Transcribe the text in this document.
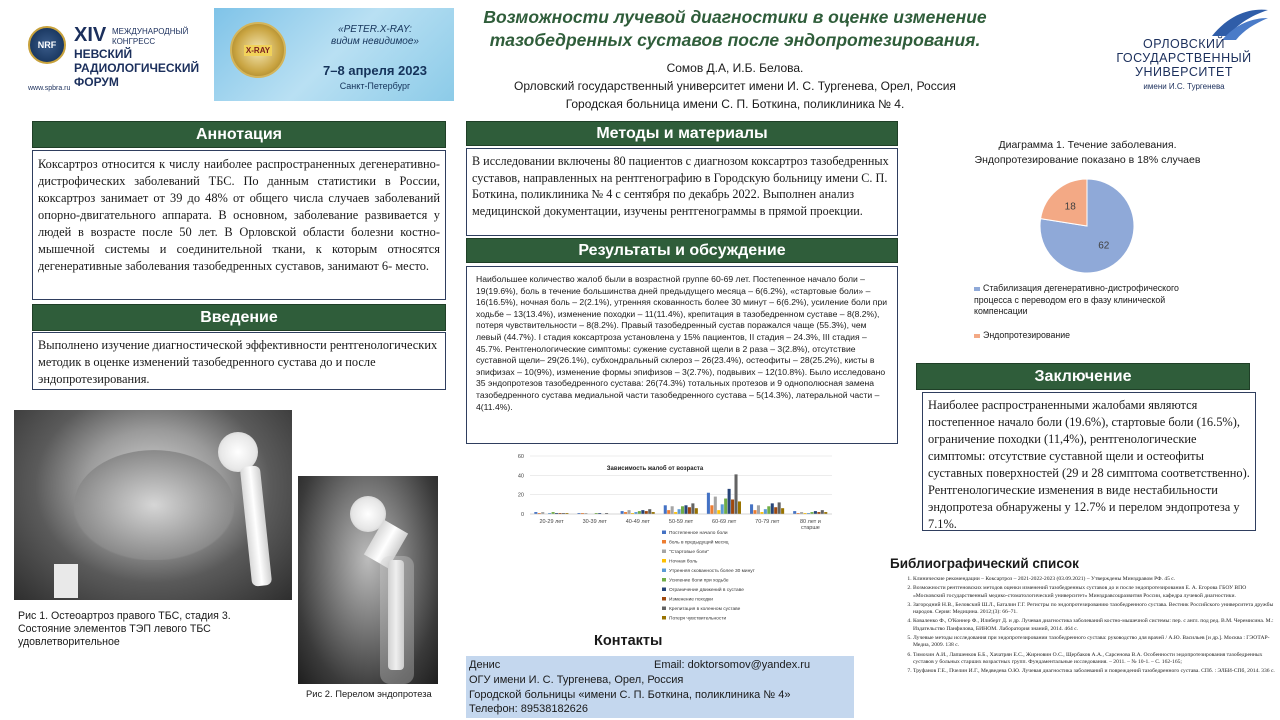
NRF XIV МЕЖДУНАРОДНЫЙ
КОНГРЕСС
НЕВСКИЙ
РАДИОЛОГИЧЕСКИЙ
ФОРУМ
www.spbra.ru
X-RAY
«PETER.X-RAY:
видим невидимое»
7–8 апреля 2023
Санкт-Петербург
Возможности лучевой диагностики в оценке изменение
тазобедренных суставов после эндопротезирования.
Сомов Д.А, И.Б. Белова.
Орловский государственный университет имени И. С. Тургенева, Орел, Россия
Городская больница имени С. П. Боткина, поликлиника № 4.
ОРЛОВСКИЙ
ГОСУДАРСТВЕННЫЙ
УНИВЕРСИТЕТ
имени И.С. Тургенева
Аннотация
Коксартроз относится к числу наиболее распространенных дегенеративно- дистрофических заболеваний ТБС. По данным статистики в России, коксартроз занимает от 39 до 48% от общего числа случаев заболеваний опорно-двигательного аппарата. В основном, заболевание развивается у людей в возрасте после 50 лет. В Орловской области болезни костно-мышечной системы и соединительной ткани, к которым относятся дегенеративные заболевания тазобедренных суставов, занимают 6- место.
Введение
Выполнено изучение диагностической эффективности рентгенологических методик в оценке изменений тазобедренного сустава до и после эндопротезирования.
Методы и материалы
В исследовании включены 80 пациентов с диагнозом коксартроз тазобедренных суставов, направленных на рентгенографию в Городскую больницу имени С. П. Боткина, поликлиника № 4 с сентября по декабрь 2022. Выполнен анализ медицинской документации, изучены рентгенограммы в прямой проекции.
Результаты и обсуждение
Наибольшее количество жалоб были в возрастной группе 60-69 лет. Постепенное начало боли – 19(19.6%), боль в течение большинства дней предыдущего месяца – 6(6.2%), «стартовые боли» – 16(16.5%), ночная боль – 2(2.1%), утренняя скованность более 30 минут – 6(6.2%), усиление боли при ходьбе – 13(13.4%), изменение походки – 11(11.4%), крепитация в тазобедренном суставе – 8(8.2%), потеря чувствительности – 8(8.2%). Правый тазобедренный сустав поражался чаще (55.3%), чем левый (44.7%). I стадия коксартроза установлена у 15% пациентов, II стадия – 24.3%, III стадия – 45.7%. Рентгенологические симптомы: сужение суставной щели в 2 раза – 3(2.8%), отсутствие суставной щели– 29(26.1%), субхондральный склероз – 26(23.4%), остеофиты – 28(25.2%), кисты в эпифизах – 10(9%), изменение формы эпифизов – 3(2.7%), подвывих – 12(10.8%). Было исследовано 35 эндопротезов тазобедренного сустава: 26(74.3%) тотальных протезов и 9 однополюсная замена тазобедренного сустава медиальной части тазобедренного сустава – 5(14.3%), латеральной части – 4(11.4%).
0
20
40
60
Зависимость жалоб от возраста
20-29 лет	30-39 лет	40-49 лет	50-59 лет	60-69 лет	70-79 лет	80 лет и
старше
Постепенное начало боли
боль в предыдущий месяц
"Стартовые боли"
Ночная боль
Утренняя скованность более 30 минут
Усиление боли при ходьбе
Ограничение движений в суставе
Изменение походки
Крепитация в коленном суставе
Потеря чувствительности
Диаграмма 1. Течение заболевания.
Эндопротезирование показано в 18% случаев
62
18
Стабилизация дегенеративно-дистрофического процесса с переводом его в фазу клинической компенсации
Эндопротезирование
Заключение
Наиболее распространенными жалобами являются постепенное начало боли (19.6%), стартовые боли (16.5%), ограничение походки (11,4%), рентгенологические симптомы: отсутствие суставной щели и остеофиты суставных поверхностей (29 и 28 симптома соответственно). Рентгенологические изменения в виде нестабильности эндопротеза обнаружены у 12.7% и перелом эндопротеза у 7.1%.
Библиографический список
1. Клинические рекомендации – Коксартроз – 2021-2022-2023 (03.09.2021) – Утверждены Минздравом РФ. 45 с.
2. Возможности рентгеновских методов оценки изменений тазобедренных суставов до и после эндопротезирования Е. А. Егорова ГБОУ ВПО «Московский государственный медико-стоматологический университет» Минздравсоцразвития России, кафедра лучевой диагностики.
3. Загородний Н.В., Беловский Ш.Л., Баталин Г.Г. Регистры по эндопротезированию тазобедренного сустава. Вестник Российского университета дружбы народов. Серия: Медицина. 2012;(3): 66–71.
4. Коваленко Ф., О'Коннер Ф., Илиберт Д. и др. Лучевая диагностика заболеваний костно-мышечной системы: пер. с англ. под ред. В.М. Черемисина. М.: Издательство Панфилова, БИНОМ. Лаборатория знаний, 2014. 464 с.
5. Лучевые методы исследования при эндопротезировании тазобедренного сустава: руководство для врачей / А.Ю. Васильев [и др.]. Москва : ГЭОТАР-Медиа, 2009. 138 с.
6. Тимохин А.И., Лапшенков Б.Б., Хачатрян Е.С., Жирновин О.С., Щербаков А.А., Сарсенова В.А. Особенности эндопротезирования тазобедренных суставов у больных старших возрастных групп. Фундаментальные исследования. – 2011. – № 10-1. – С. 162-165;
7. Труфанов Г.Е., Пчелин И.Г., Медведева О.Ю. Лучевая диагностика заболеваний и повреждений тазобедренного сустава. СПб. : ЭЛБИ-СПб, 2014. 336 с.
Рис 1. Остеоартроз правого ТБС, стадия 3. Состояние элементов ТЭП левого ТБС удовлетворительное
Рис 2. Перелом эндопротеза
Контакты
Денис	Email: doktorsomov@yandex.ru
ОГУ имени И. С. Тургенева, Орел, Россия
Городской больницы «имени С. П. Боткина, поликлиника № 4»
Телефон: 89538182626
